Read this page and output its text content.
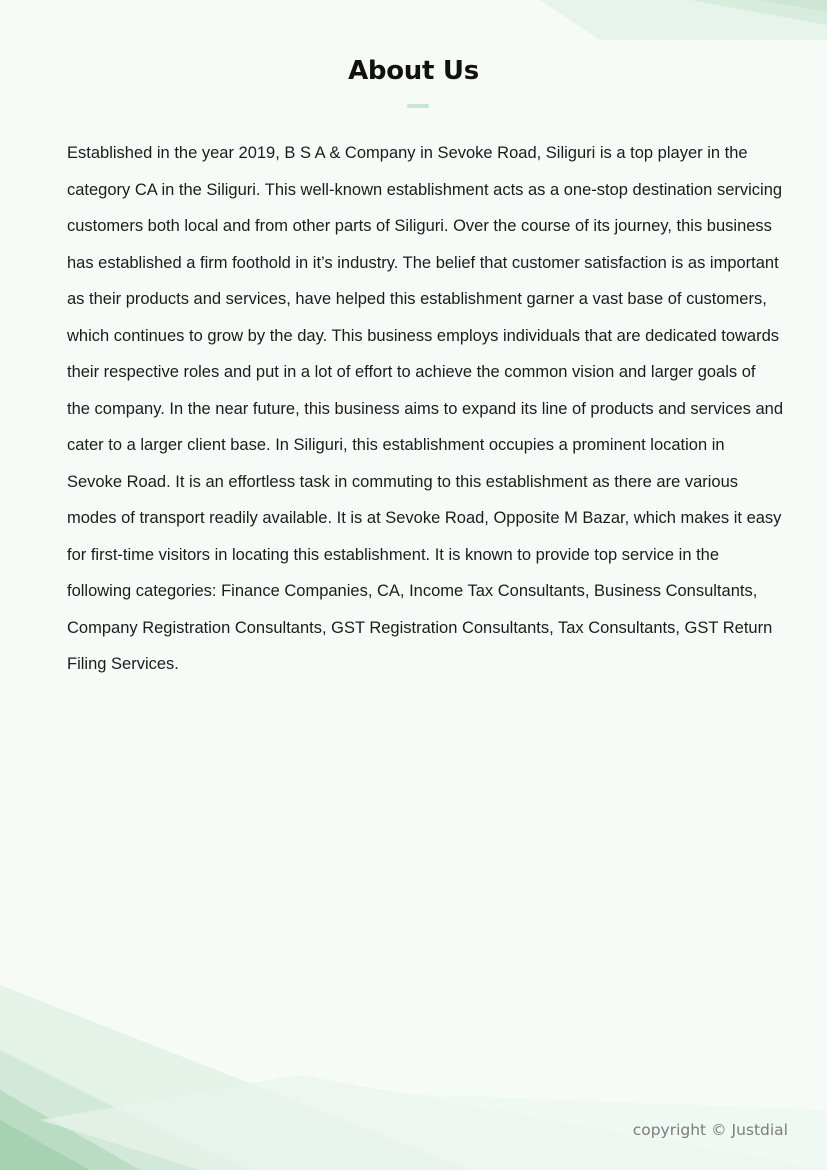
About Us

Established in the year 2019, B S A & Company in Sevoke Road, Siliguri is a top player in the category CA in the Siliguri. This well-known establishment acts as a one-stop destination servicing customers both local and from other parts of Siliguri. Over the course of its journey, this business has established a firm foothold in it’s industry. The belief that customer satisfaction is as important as their products and services, have helped this establishment garner a vast base of customers, which continues to grow by the day. This business employs individuals that are dedicated towards their respective roles and put in a lot of effort to achieve the common vision and larger goals of the company. In the near future, this business aims to expand its line of products and services and cater to a larger client base. In Siliguri, this establishment occupies a prominent location in Sevoke Road. It is an effortless task in commuting to this establishment as there are various modes of transport readily available. It is at Sevoke Road, Opposite M Bazar, which makes it easy for first-time visitors in locating this establishment. It is known to provide top service in the following categories: Finance Companies, CA, Income Tax Consultants, Business Consultants, Company Registration Consultants, GST Registration Consultants, Tax Consultants, GST Return Filing Services.

copyright © Justdial
